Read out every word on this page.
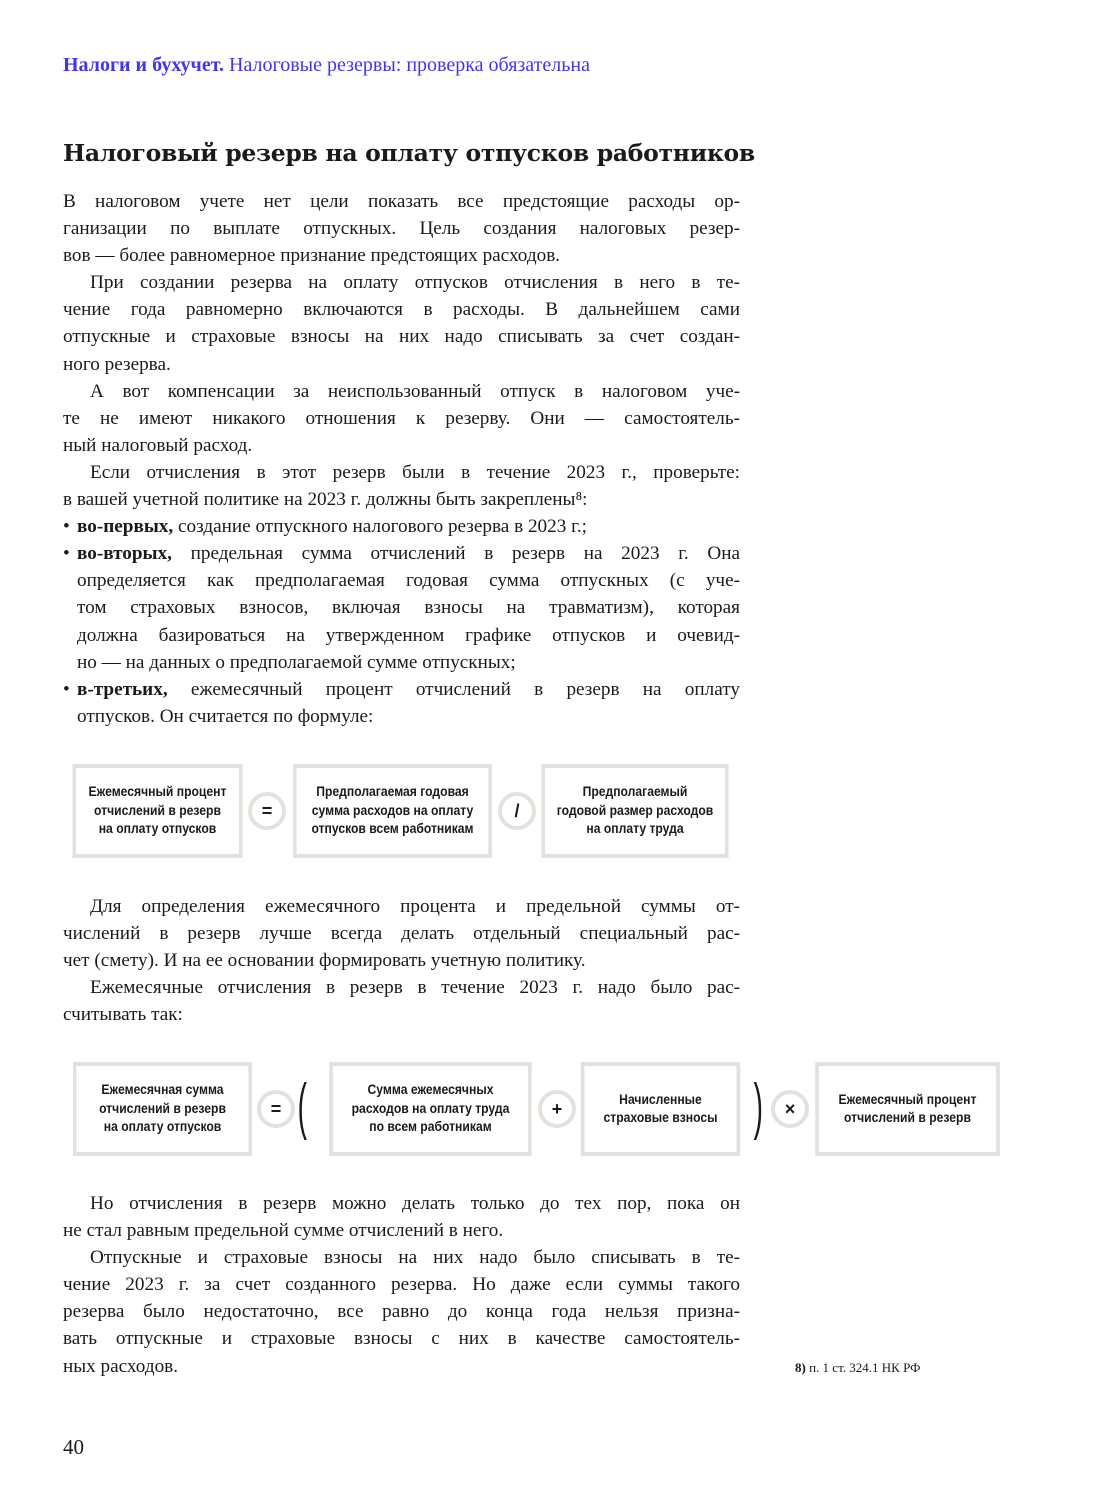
Налоги и бухучет. Налоговые резервы: проверка обязательна
Налоговый резерв на оплату отпусков работников
В налоговом учете нет цели показать все предстоящие расходы ор-
ганизации по выплате отпускных. Цель создания налоговых резер-
вов — более равномерное признание предстоящих расходов.
При создании резерва на оплату отпусков отчисления в него в те-
чение года равномерно включаются в расходы. В дальнейшем сами
отпускные и страховые взносы на них надо списывать за счет создан-
ного резерва.
А вот компенсации за неиспользованный отпуск в налоговом уче-
те не имеют никакого отношения к резерву. Они — самостоятель-
ный налоговый расход.
Если отчисления в этот резерв были в течение 2023 г., проверьте:
в вашей учетной политике на 2023 г. должны быть закреплены⁸:
• во-первых, создание отпускного налогового резерва в 2023 г.;
• во-вторых, предельная сумма отчислений в резерв на 2023 г. Она
определяется как предполагаемая годовая сумма отпускных (с уче-
том страховых взносов, включая взносы на травматизм), которая
должна базироваться на утвержденном графике отпусков и очевид-
но — на данных о предполагаемой сумме отпускных;
• в-третьих, ежемесячный процент отчислений в резерв на оплату
отпусков. Он считается по формуле:
Ежемесячный процент
отчислений в резерв
на оплату отпусков
=
Предполагаемая годовая
сумма расходов на оплату
отпусков всем работникам
/
Предполагаемый
годовой размер расходов
на оплату труда
Для определения ежемесячного процента и предельной суммы от-
числений в резерв лучше всегда делать отдельный специальный рас-
чет (смету). И на ее основании формировать учетную политику.
Ежемесячные отчисления в резерв в течение 2023 г. надо было рас-
считывать так:
Ежемесячная сумма
отчислений в резерв
на оплату отпусков
= (	Сумма ежемесячных
расходов на оплату труда
по всем работникам
+	Начисленные
страховые взносы )	×	Ежемесячный процент
отчислений в резерв
Но отчисления в резерв можно делать только до тех пор, пока он
не стал равным предельной сумме отчислений в него.
Отпускные и страховые взносы на них надо было списывать в те-
чение 2023 г. за счет созданного резерва. Но даже если суммы такого
резерва было недостаточно, все равно до конца года нельзя призна-
вать отпускные и страховые взносы с них в качестве самостоятель-
ных расходов.	8) п. 1 ст. 324.1 НК РФ
40
